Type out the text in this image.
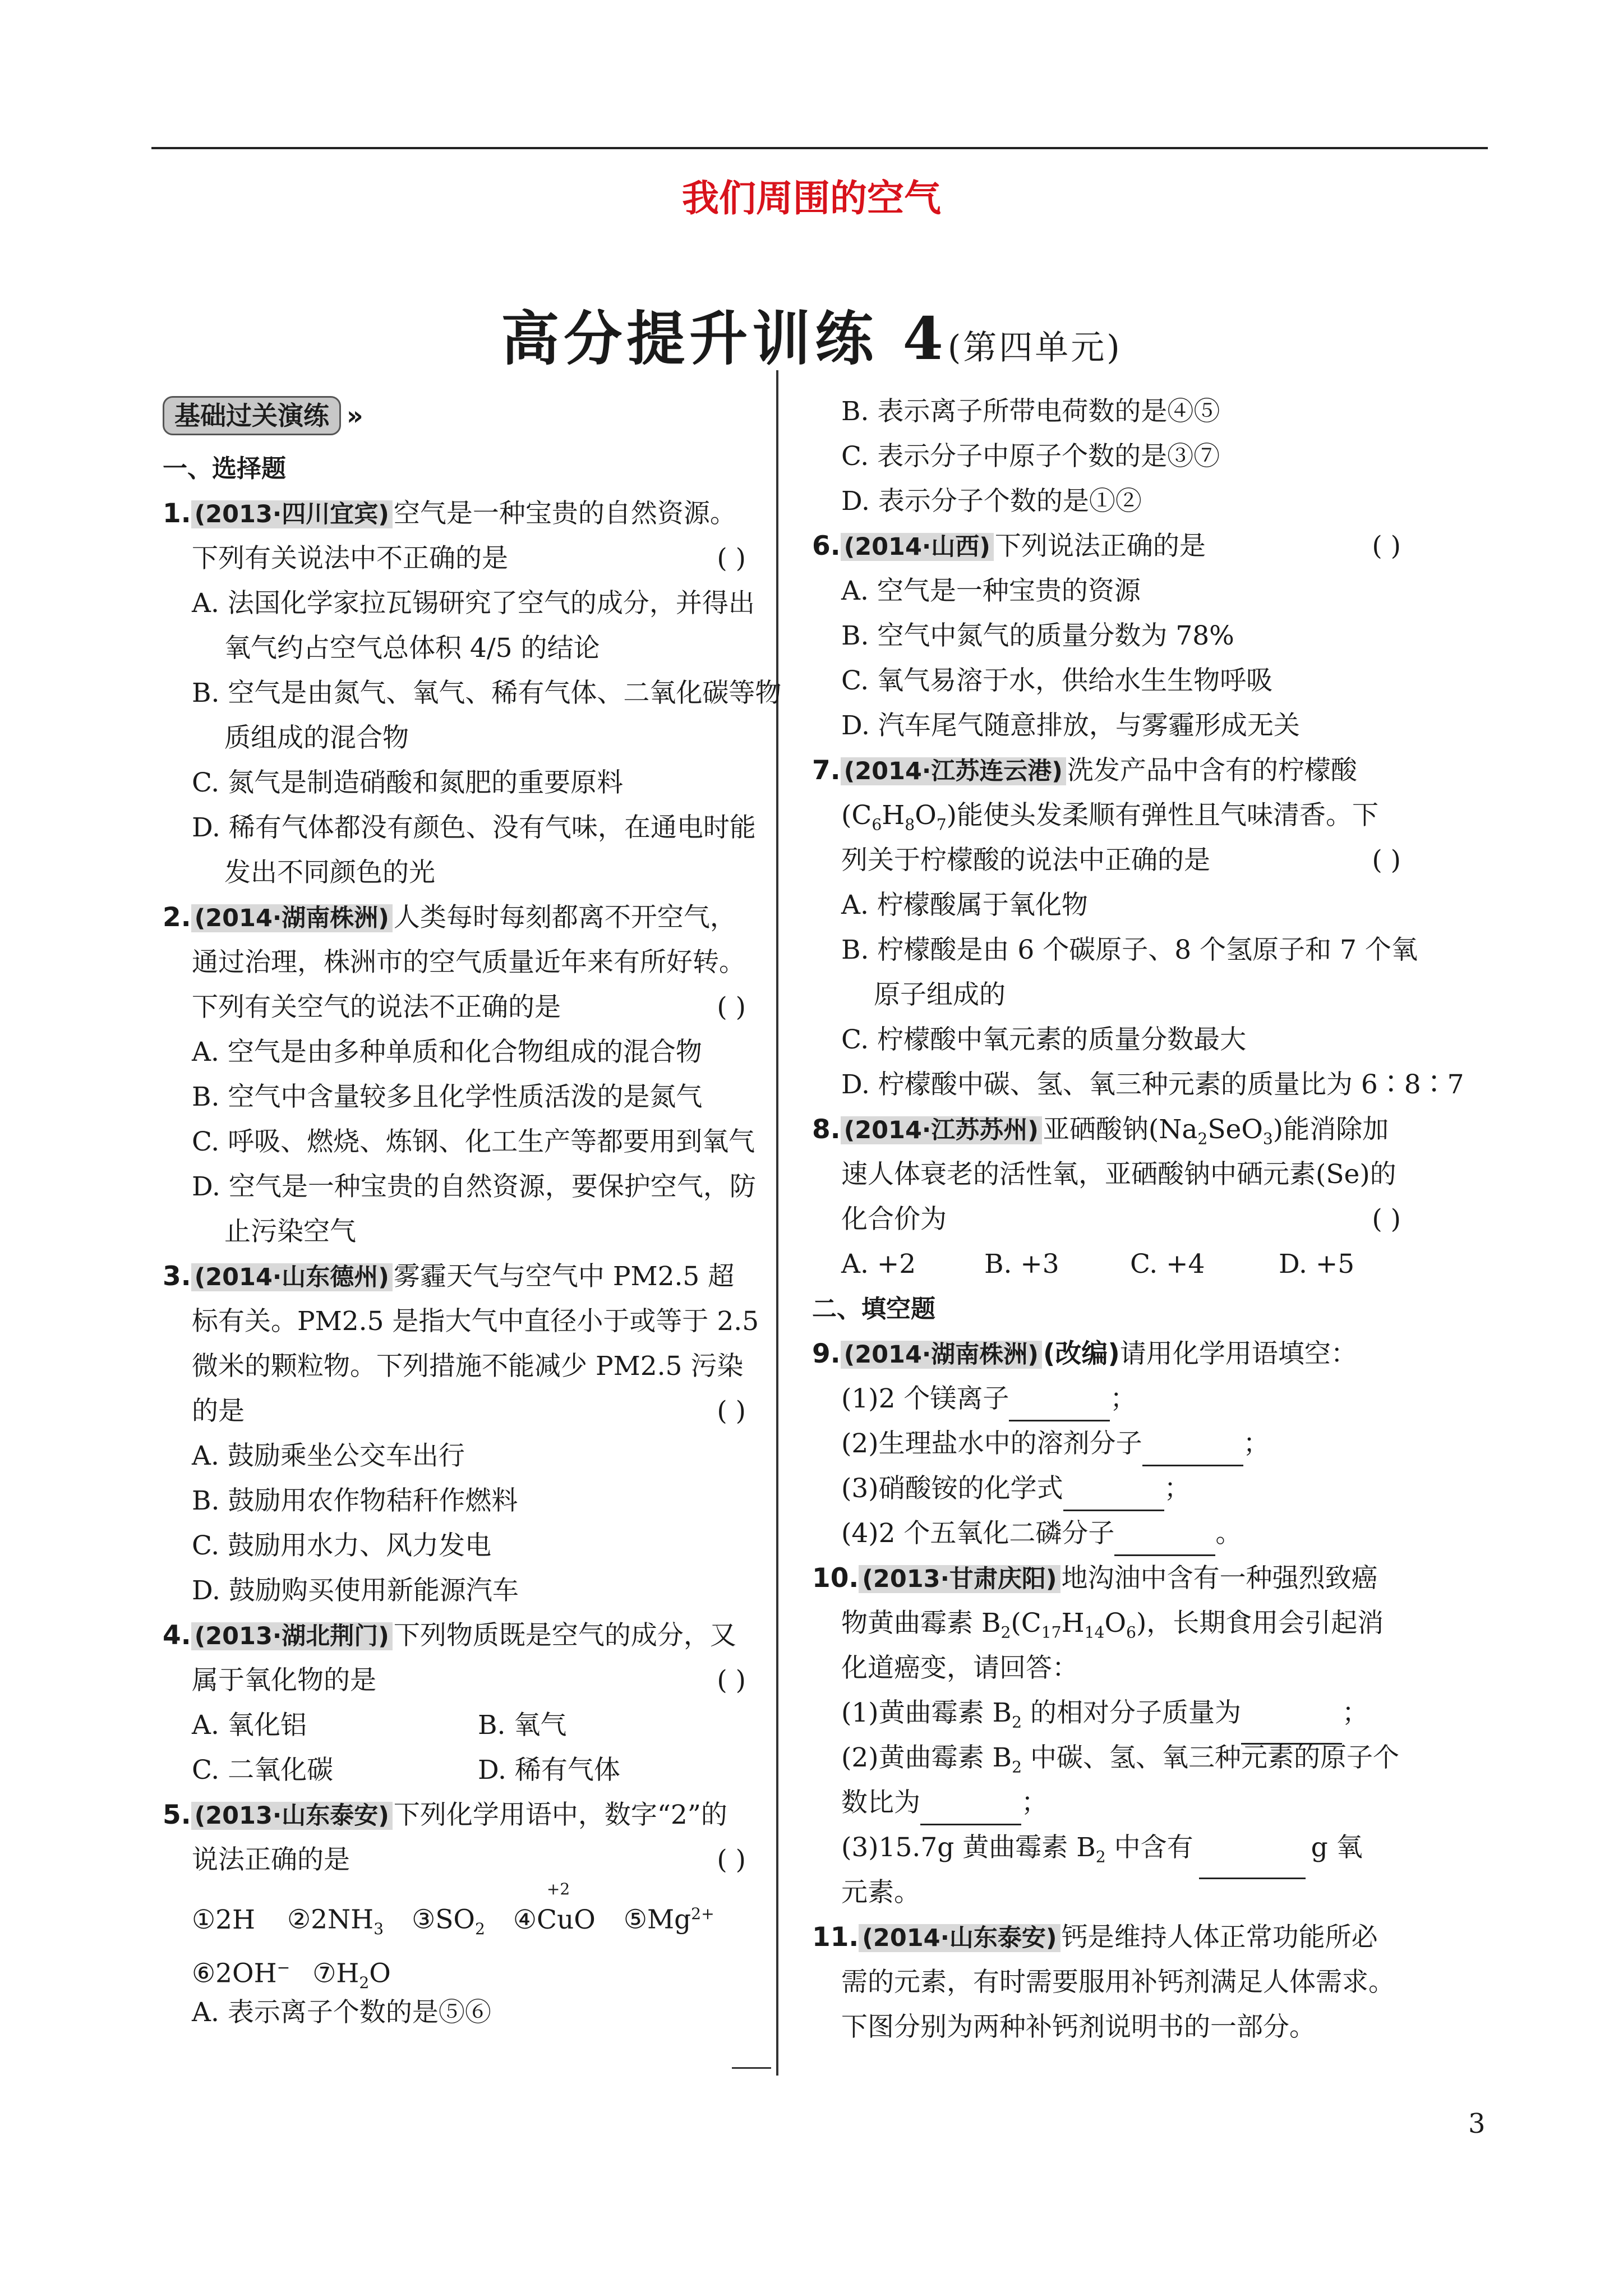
我们周围的空气
高分提升训练 4(第四单元)
基础过关演练 »
一、选择题
1. (2013·四川宜宾) 空气是一种宝贵的自然资源。
下列有关说法中不正确的是	( )
A. 法国化学家拉瓦锡研究了空气的成分，并得出
氧气约占空气总体积 4/5 的结论
B. 空气是由氮气、氧气、稀有气体、二氧化碳等物
质组成的混合物
C. 氮气是制造硝酸和氮肥的重要原料
D. 稀有气体都没有颜色、没有气味，在通电时能
发出不同颜色的光
2. (2014·湖南株洲) 人类每时每刻都离不开空气，
通过治理，株洲市的空气质量近年来有所好转。
下列有关空气的说法不正确的是	( )
A. 空气是由多种单质和化合物组成的混合物
B. 空气中含量较多且化学性质活泼的是氮气
C. 呼吸、燃烧、炼钢、化工生产等都要用到氧气
D. 空气是一种宝贵的自然资源，要保护空气，防
止污染空气
3. (2014·山东德州) 雾霾天气与空气中 PM2.5 超
标有关。PM2.5 是指大气中直径小于或等于 2.5
微米的颗粒物。下列措施不能减少 PM2.5 污染
的是	( )
A. 鼓励乘坐公交车出行
B. 鼓励用农作物秸秆作燃料
C. 鼓励用水力、风力发电
D. 鼓励购买使用新能源汽车
4. (2013·湖北荆门) 下列物质既是空气的成分，又
属于氧化物的是	( )
A. 氧化铝	B. 氧气
C. 二氧化碳	D. 稀有气体
5. (2013·山东泰安) 下列化学用语中，数字“2”的
说法正确的是	( )
①2H $②2NH_3$ $③SO_2$
+2
④CuO $⑤Mg^{2+}$
⑥2OH− $⑦H_2O$
A. 表示离子个数的是⑤⑥
B. 表示离子所带电荷数的是④⑤
C. 表示分子中原子个数的是③⑦
D. 表示分子个数的是①②
6. (2014·山西) 下列说法正确的是	( )
A. 空气是一种宝贵的资源
B. 空气中氮气的质量分数为 78%
C. 氧气易溶于水，供给水生生物呼吸
D. 汽车尾气随意排放，与雾霾形成无关
7. (2014·江苏连云港) 洗发产品中含有的柠檬酸
$(C_6H_8O_7)$能使头发柔顺有弹性且气味清香。下
列关于柠檬酸的说法中正确的是	( )
A. 柠檬酸属于氧化物
B. 柠檬酸是由 6 个碳原子、8 个氢原子和 7 个氧
原子组成的
C. 柠檬酸中氧元素的质量分数最大
D. 柠檬酸中碳、氢、氧三种元素的质量比为 6∶8∶7
8. (2014·江苏苏州) 亚硒酸钠$(Na_2SeO_3)$能消除加
速人体衰老的活性氧，亚硒酸钠中硒元素(Se)的
化合价为	( )
A. +2	B. +3	C. +4	D. +5
二、填空题
9. (2014·湖南株洲) (改编)请用化学用语填空：
(1)2 个镁离子	；
(2)生理盐水中的溶剂分子	；
(3)硝酸铵的化学式	；
(4)2 个五氧化二磷分子	。
10. (2013·甘肃庆阳) 地沟油中含有一种强烈致癌
物黄曲霉素 $B_2(C_{17}H_{14}O_6)$，长期食用会引起消
化道癌变，请回答：
(1)黄曲霉素 $B_2$ 的相对分子质量为	；
(2)黄曲霉素 $B_2$ 中碳、氢、氧三种元素的原子个
数比为	；
(3)15.7g 黄曲霉素 $B_2$ 中含有	g 氧
元素。
11. (2014·山东泰安) 钙是维持人体正常功能所必
需的元素，有时需要服用补钙剂满足人体需求。
下图分别为两种补钙剂说明书的一部分。
3
